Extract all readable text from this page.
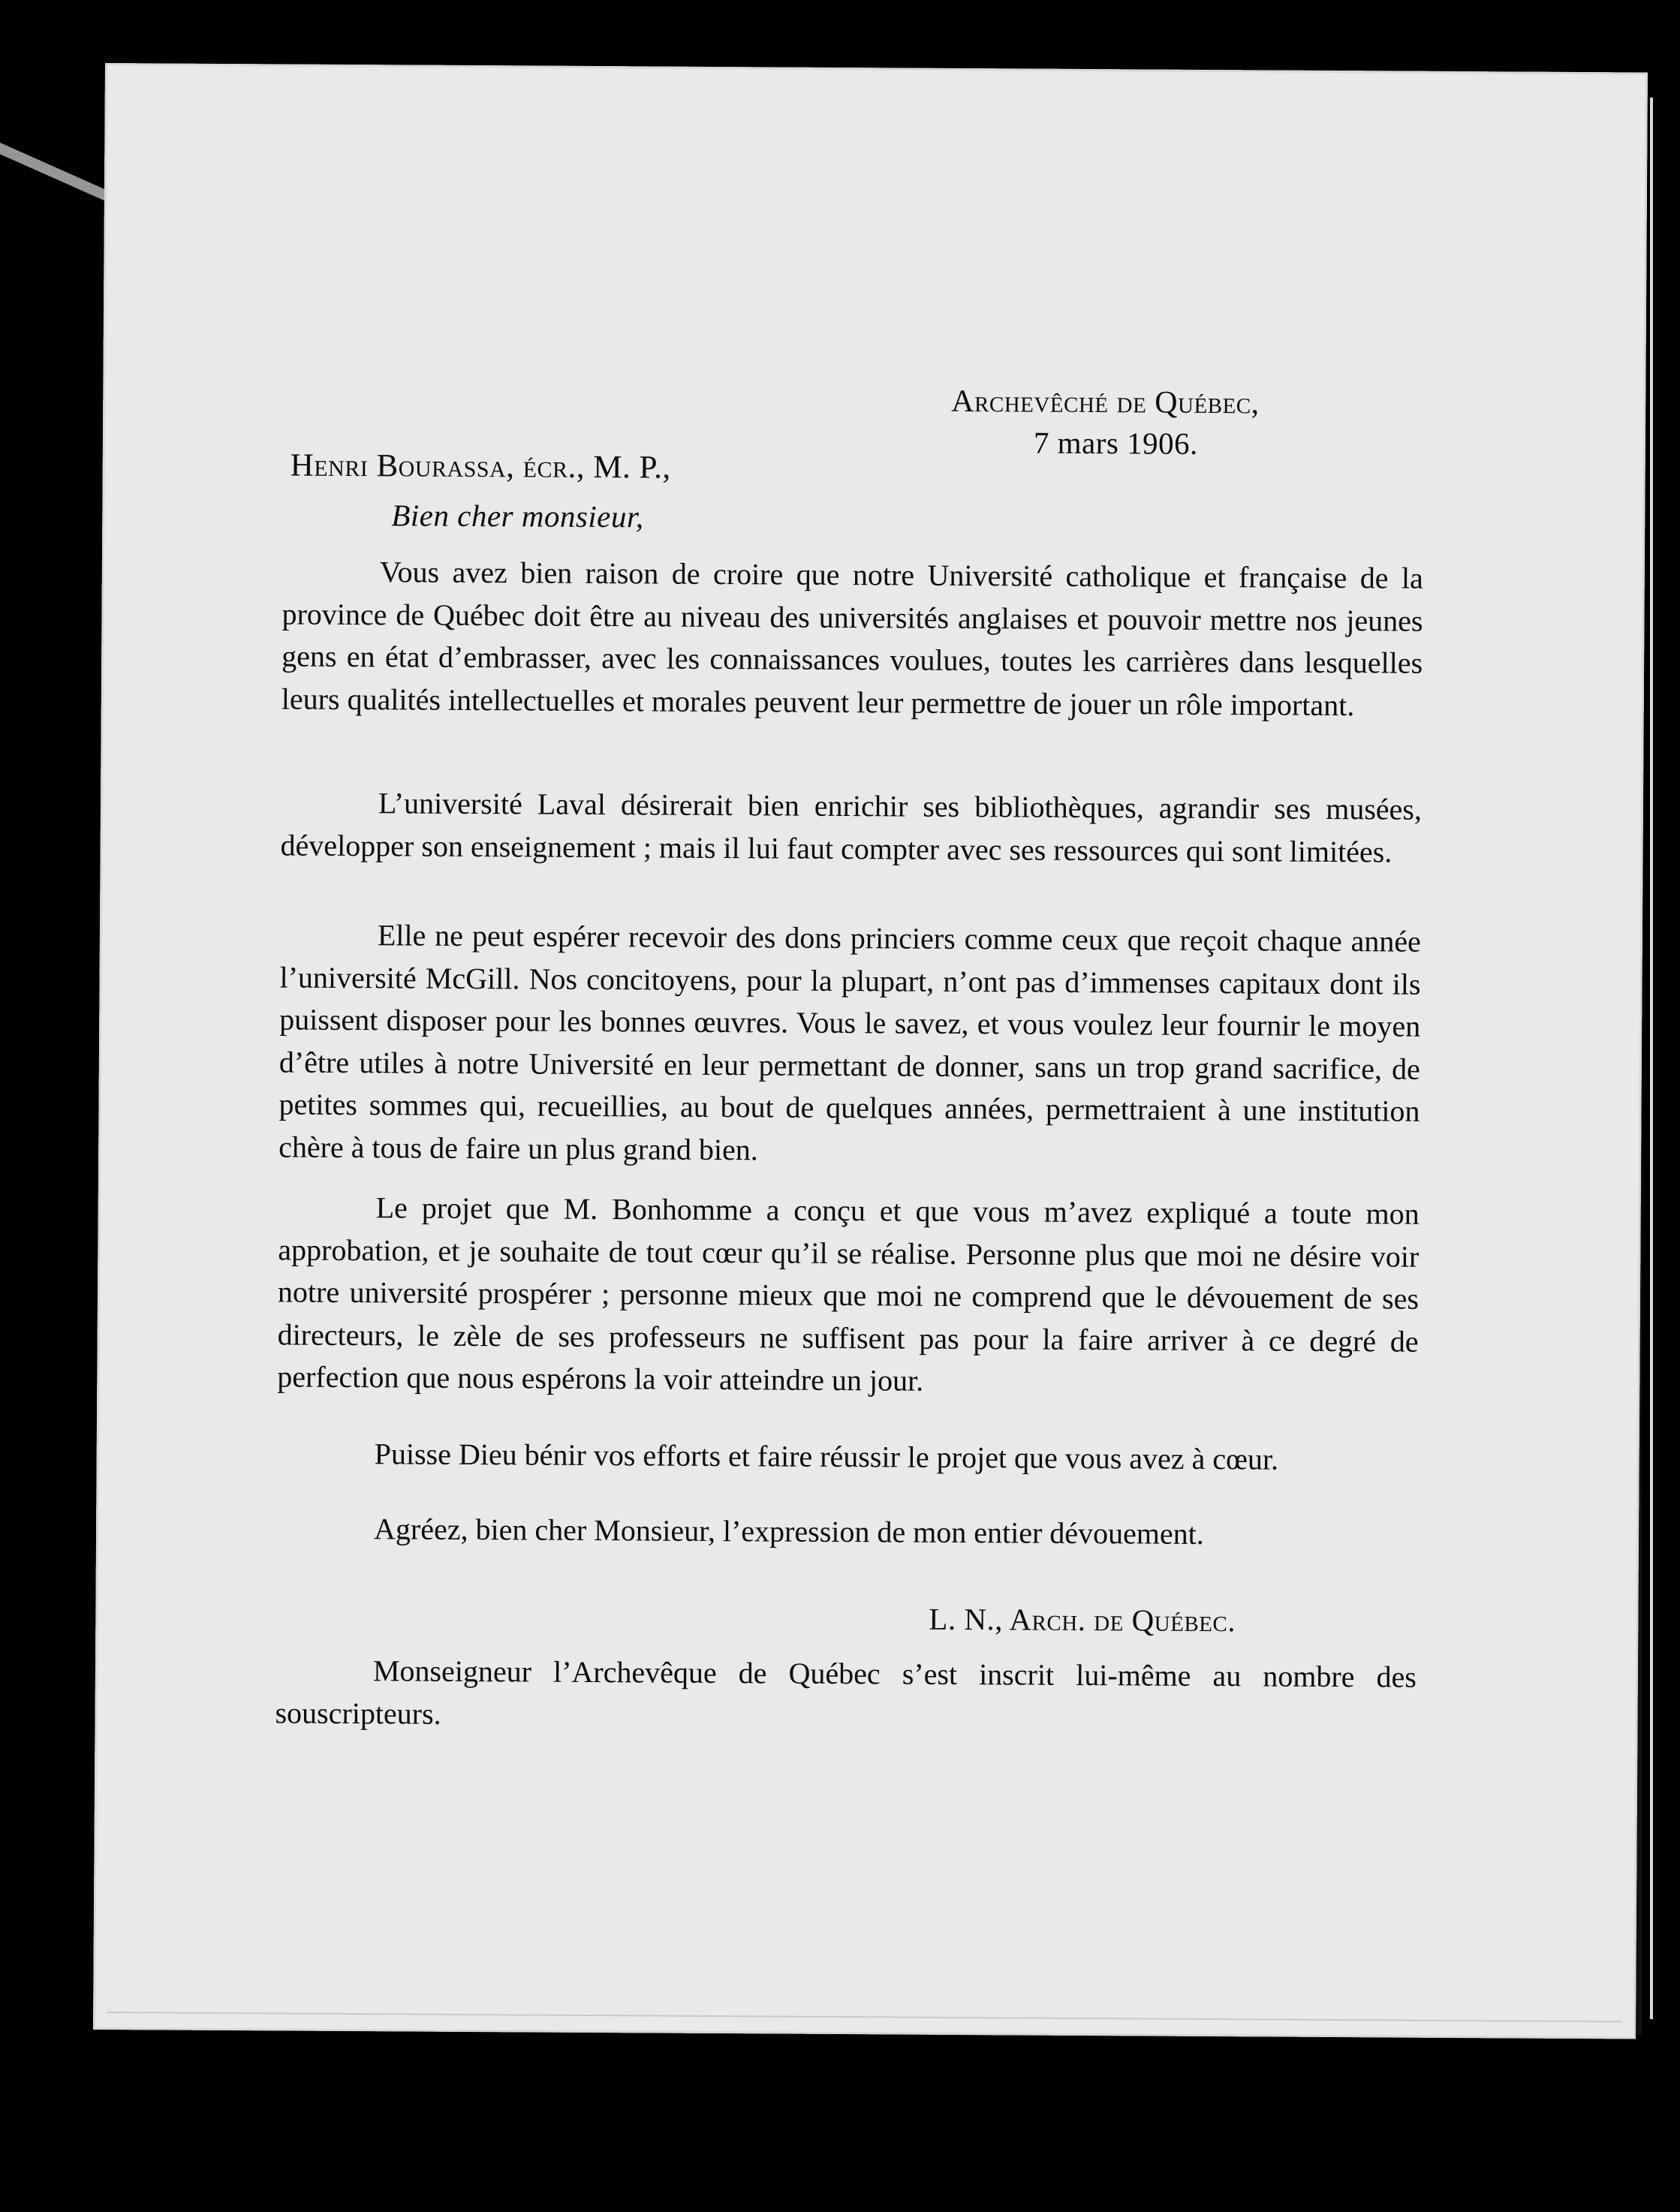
Archevêché de Québec,
7 mars 1906.
Henri Bourassa, écr., M. P.,
Bien cher monsieur,

Vous avez bien raison de croire que notre Université catholique et française de la province de Québec doit être au niveau des universités anglaises et pouvoir mettre nos jeunes gens en état d’embrasser, avec les connaissances voulues, toutes les carrières dans lesquelles leurs qualités intellectuelles et morales peuvent leur permettre de jouer un rôle important.

L’université Laval désirerait bien enrichir ses bibliothèques, agrandir ses musées, développer son enseignement ; mais il lui faut compter avec ses ressources qui sont limitées.

Elle ne peut espérer recevoir des dons princiers comme ceux que reçoit chaque année l’université McGill. Nos concitoyens, pour la plupart, n’ont pas d’immenses capitaux dont ils puissent disposer pour les bonnes œuvres. Vous le savez, et vous voulez leur fournir le moyen d’être utiles à notre Université en leur permettant de donner, sans un trop grand sacrifice, de petites sommes qui, recueillies, au bout de quelques années, permettraient à une institution chère à tous de faire un plus grand bien.

Le projet que M. Bonhomme a conçu et que vous m’avez expliqué a toute mon approbation, et je souhaite de tout cœur qu’il se réalise. Personne plus que moi ne désire voir notre université prospérer ; personne mieux que moi ne comprend que le dévouement de ses directeurs, le zèle de ses professeurs ne suffisent pas pour la faire arriver à ce degré de perfection que nous espérons la voir atteindre un jour.

Puisse Dieu bénir vos efforts et faire réussir le projet que vous avez à cœur.

Agréez, bien cher Monsieur, l’expression de mon entier dévouement.

L. N., Arch. de Québec.

Monseigneur l’Archevêque de Québec s’est inscrit lui-même au nombre des souscripteurs.
